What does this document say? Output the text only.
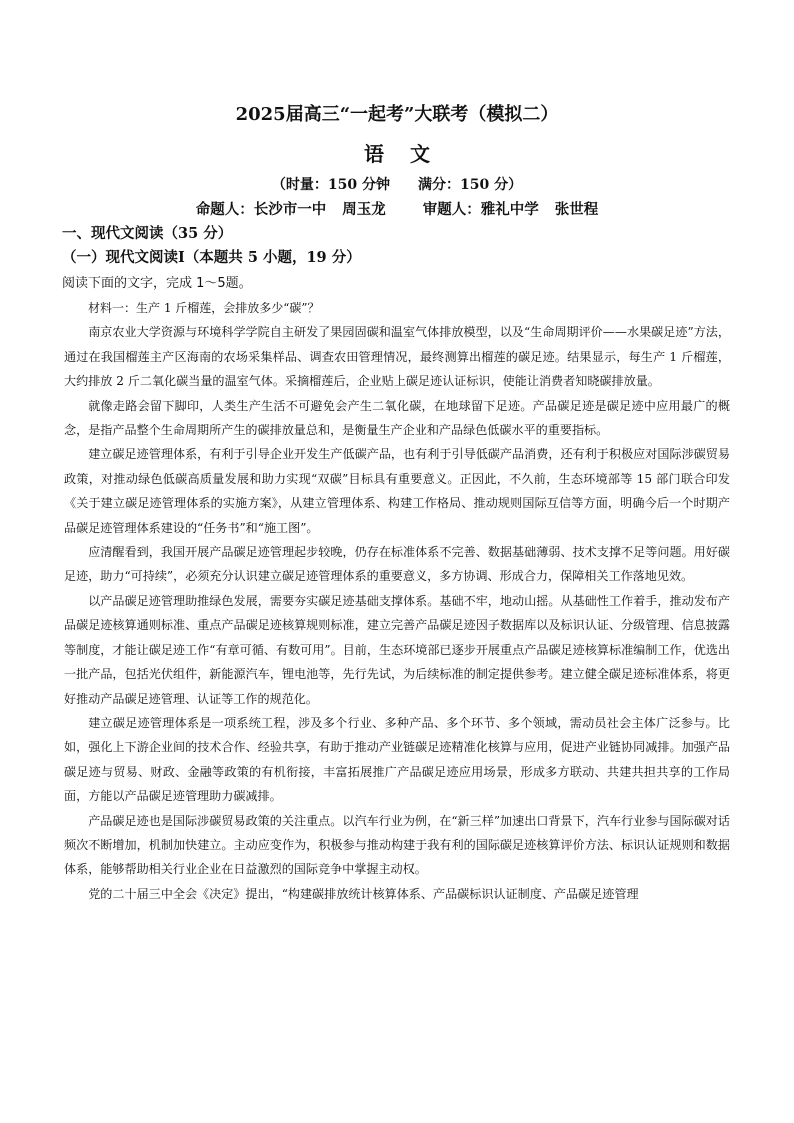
2025届高三“一起考”大联考（模拟二）
语文
（时量：150 分钟　　满分：150 分）
命题人：长沙市一中 周玉龙	审题人：雅礼中学 张世程
一、现代文阅读（35 分）
（一）现代文阅读Ⅰ（本题共 5 小题，19 分）
阅读下面的文字，完成 1～5题。

材料一：生产 1 斤榴莲，会排放多少“碳”？

南京农业大学资源与环境科学学院自主研发了果园固碳和温室气体排放模型，以及“生命周期评价——水果碳足迹”方法，通过在我国榴莲主产区海南的农场采集样品、调查农田管理情况，最终测算出榴莲的碳足迹。结果显示，每生产 1 斤榴莲，大约排放 2 斤二氧化碳当量的温室气体。采摘榴莲后，企业贴上碳足迹认证标识，使能让消费者知晓碳排放量。

就像走路会留下脚印，人类生产生活不可避免会产生二氧化碳，在地球留下足迹。产品碳足迹是碳足迹中应用最广的概念，是指产品整个生命周期所产生的碳排放量总和，是衡量生产企业和产品绿色低碳水平的重要指标。

建立碳足迹管理体系，有利于引导企业开发生产低碳产品，也有利于引导低碳产品消费，还有利于积极应对国际涉碳贸易政策，对推动绿色低碳高质量发展和助力实现“双碳”目标具有重要意义。正因此，不久前，生态环境部等 15 部门联合印发《关于建立碳足迹管理体系的实施方案》，从建立管理体系、构建工作格局、推动规则国际互信等方面，明确今后一个时期产品碳足迹管理体系建设的“任务书”和“施工图”。

应清醒看到，我国开展产品碳足迹管理起步较晚，仍存在标准体系不完善、数据基础薄弱、技术支撑不足等问题。用好碳足迹，助力“可持续”，必须充分认识建立碳足迹管理体系的重要意义，多方协调、形成合力，保障相关工作落地见效。

以产品碳足迹管理助推绿色发展，需要夯实碳足迹基础支撑体系。基础不牢，地动山摇。从基础性工作着手，推动发布产品碳足迹核算通则标准、重点产品碳足迹核算规则标准，建立完善产品碳足迹因子数据库以及标识认证、分级管理、信息披露等制度，才能让碳足迹工作“有章可循、有数可用”。目前，生态环境部已逐步开展重点产品碳足迹核算标准编制工作，优选出一批产品，包括光伏组件，新能源汽车，锂电池等，先行先试，为后续标准的制定提供参考。建立健全碳足迹标准体系，将更好推动产品碳足迹管理、认证等工作的规范化。

建立碳足迹管理体系是一项系统工程，涉及多个行业、多种产品、多个环节、多个领域，需动员社会主体广泛参与。比如，强化上下游企业间的技术合作、经验共享，有助于推动产业链碳足迹精准化核算与应用，促进产业链协同减排。加强产品碳足迹与贸易、财政、金融等政策的有机衔接，丰富拓展推广产品碳足迹应用场景，形成多方联动、共建共担共享的工作局面，方能以产品碳足迹管理助力碳减排。

产品碳足迹也是国际涉碳贸易政策的关注重点。以汽车行业为例，在“新三样”加速出口背景下，汽车行业参与国际碳对话频次不断增加，机制加快建立。主动应变作为，积极参与推动构建于我有利的国际碳足迹核算评价方法、标识认证规则和数据体系，能够帮助相关行业企业在日益激烈的国际竞争中掌握主动权。

党的二十届三中全会《决定》提出，“构建碳排放统计核算体系、产品碳标识认证制度、产品碳足迹管理
